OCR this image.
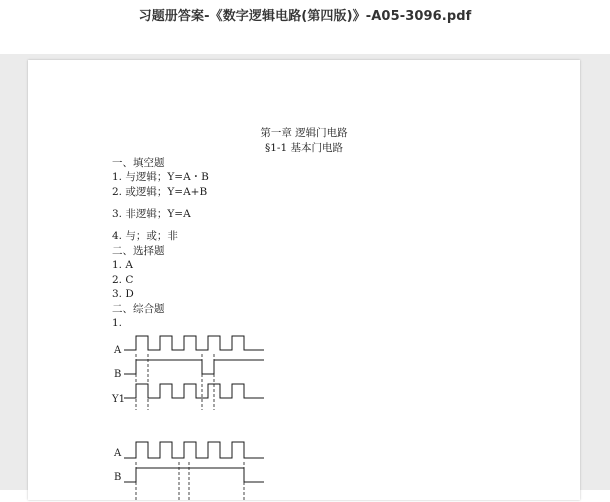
习题册答案-《数字逻辑电路(第四版)》-A05-3096.pdf

第一章 逻辑门电路

§1-1 基本门电路

一、填空题

1. 与逻辑；Y=A・B

2. 或逻辑；Y=A+B

3. 非逻辑；Y=A

4. 与；或；非

二、选择题

1. A

2. C

3. D

二、综合题

1.

A
B
Y1
A
B
